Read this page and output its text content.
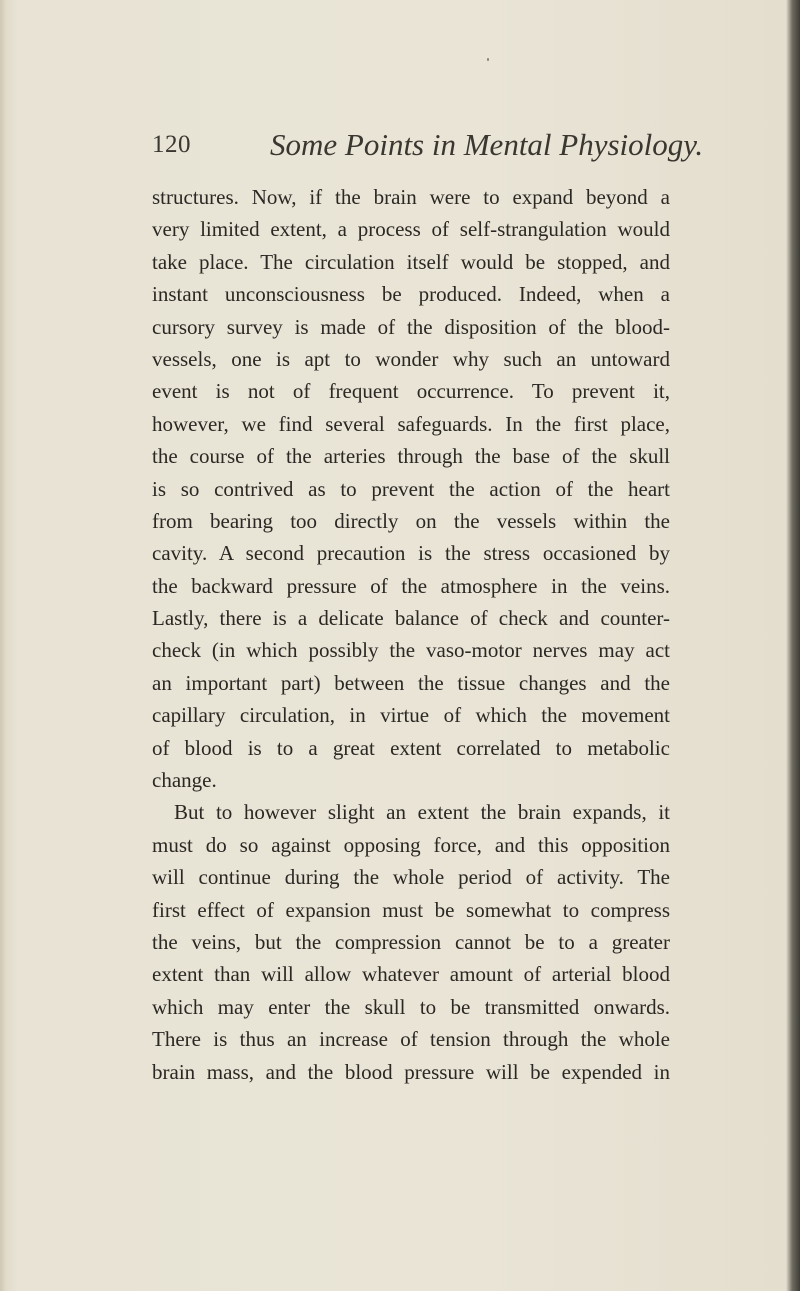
120	Some Points in Mental Physiology.
structures. Now, if the brain were to expand beyond a
very limited extent, a process of self-strangulation would
take place. The circulation itself would be stopped, and
instant unconsciousness be produced. Indeed, when a
cursory survey is made of the disposition of the blood-
vessels, one is apt to wonder why such an untoward
event is not of frequent occurrence. To prevent it,
however, we find several safeguards. In the first place,
the course of the arteries through the base of the skull
is so contrived as to prevent the action of the heart
from bearing too directly on the vessels within the
cavity. A second precaution is the stress occasioned by
the backward pressure of the atmosphere in the veins.
Lastly, there is a delicate balance of check and counter-
check (in which possibly the vaso-motor nerves may act
an important part) between the tissue changes and the
capillary circulation, in virtue of which the movement
of blood is to a great extent correlated to metabolic
change.
But to however slight an extent the brain expands, it
must do so against opposing force, and this opposition
will continue during the whole period of activity. The
first effect of expansion must be somewhat to compress
the veins, but the compression cannot be to a greater
extent than will allow whatever amount of arterial blood
which may enter the skull to be transmitted onwards.
There is thus an increase of tension through the whole
brain mass, and the blood pressure will be expended in
